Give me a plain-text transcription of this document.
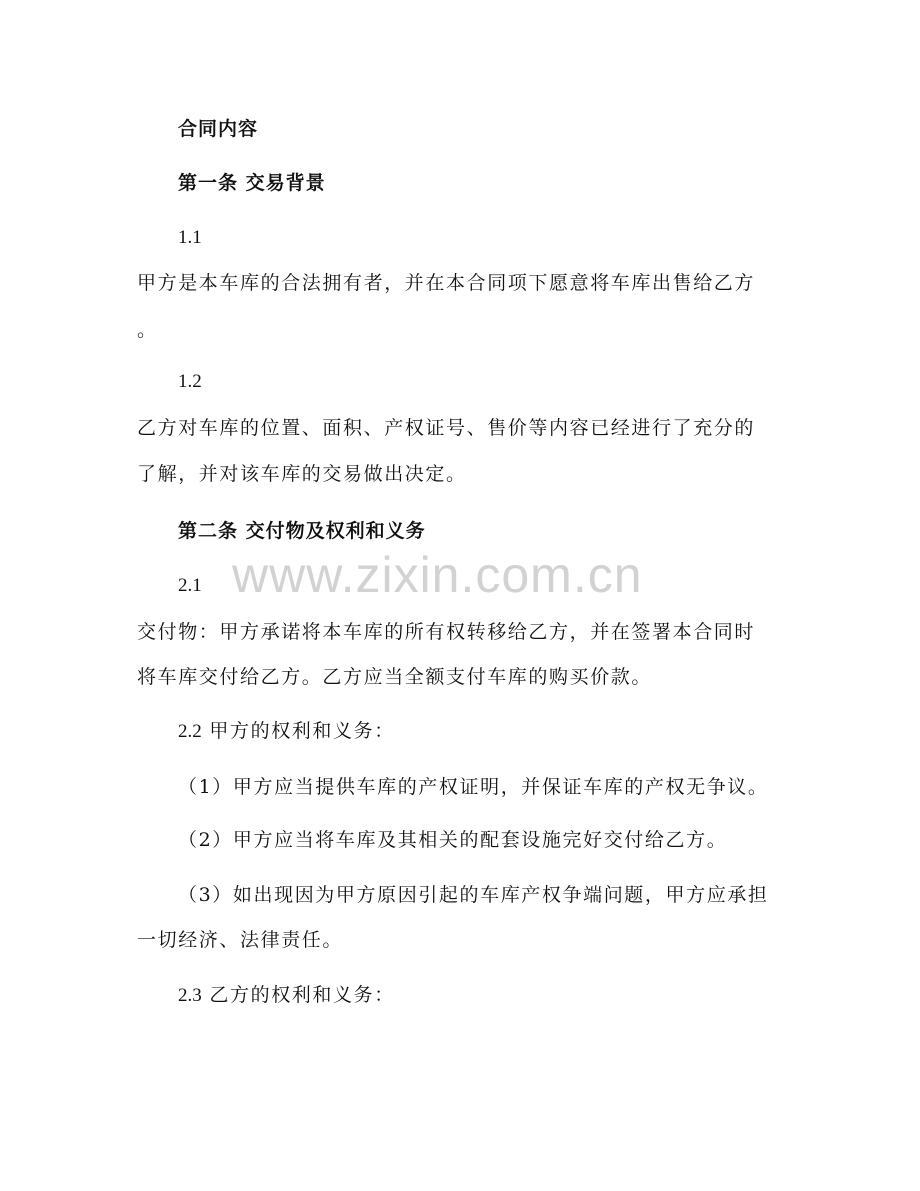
合同内容
第一条 交易背景
1.1
甲方是本车库的合法拥有者，并在本合同项下愿意将车库出售给乙方
。
1.2
乙方对车库的位置、面积、产权证号、售价等内容已经进行了充分的
了解，并对该车库的交易做出决定。
第二条 交付物及权利和义务
www.zixin.com.cn
2.1
交付物：甲方承诺将本车库的所有权转移给乙方，并在签署本合同时
将车库交付给乙方。乙方应当全额支付车库的购买价款。
2.2 甲方的权利和义务：
（1）甲方应当提供车库的产权证明，并保证车库的产权无争议。
（2）甲方应当将车库及其相关的配套设施完好交付给乙方。
（3）如出现因为甲方原因引起的车库产权争端问题，甲方应承担
一切经济、法律责任。
2.3 乙方的权利和义务：
